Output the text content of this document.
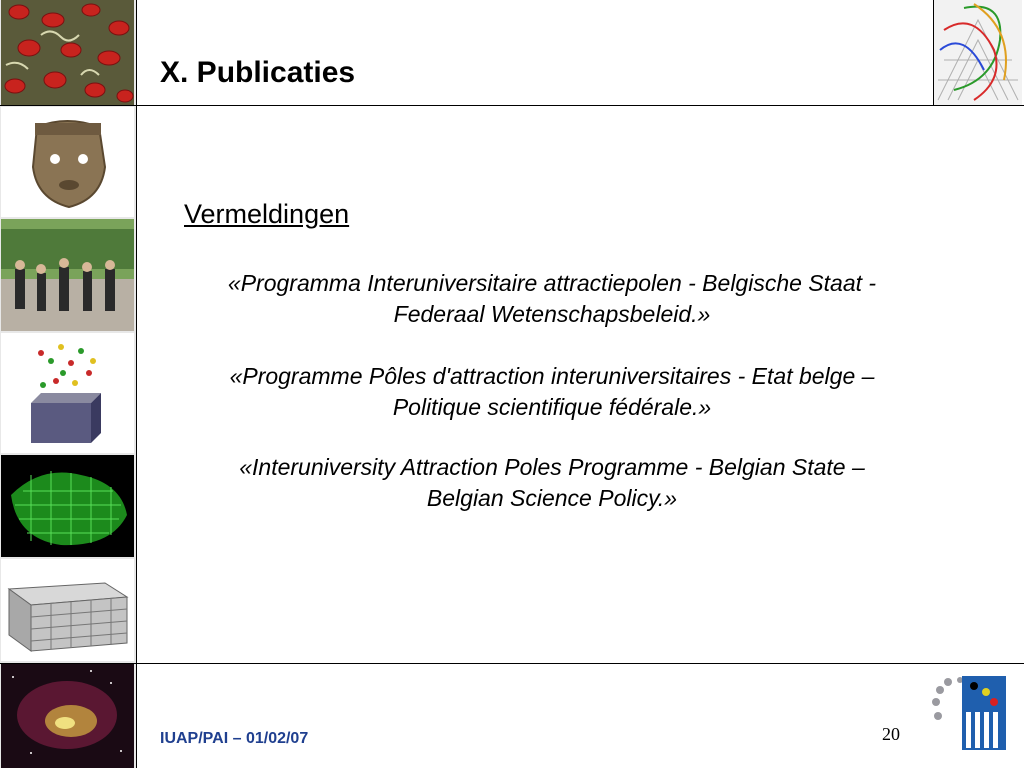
X. Publicaties
Vermeldingen
«Programma Interuniversitaire attractiepolen - Belgische Staat -
Federaal Wetenschapsbeleid.»
«Programme Pôles d'attraction interuniversitaires - Etat belge –
Politique scientifique fédérale.»
«Interuniversity Attraction Poles Programme - Belgian State –
Belgian Science Policy.»
IUAP/PAI – 01/02/07	20
